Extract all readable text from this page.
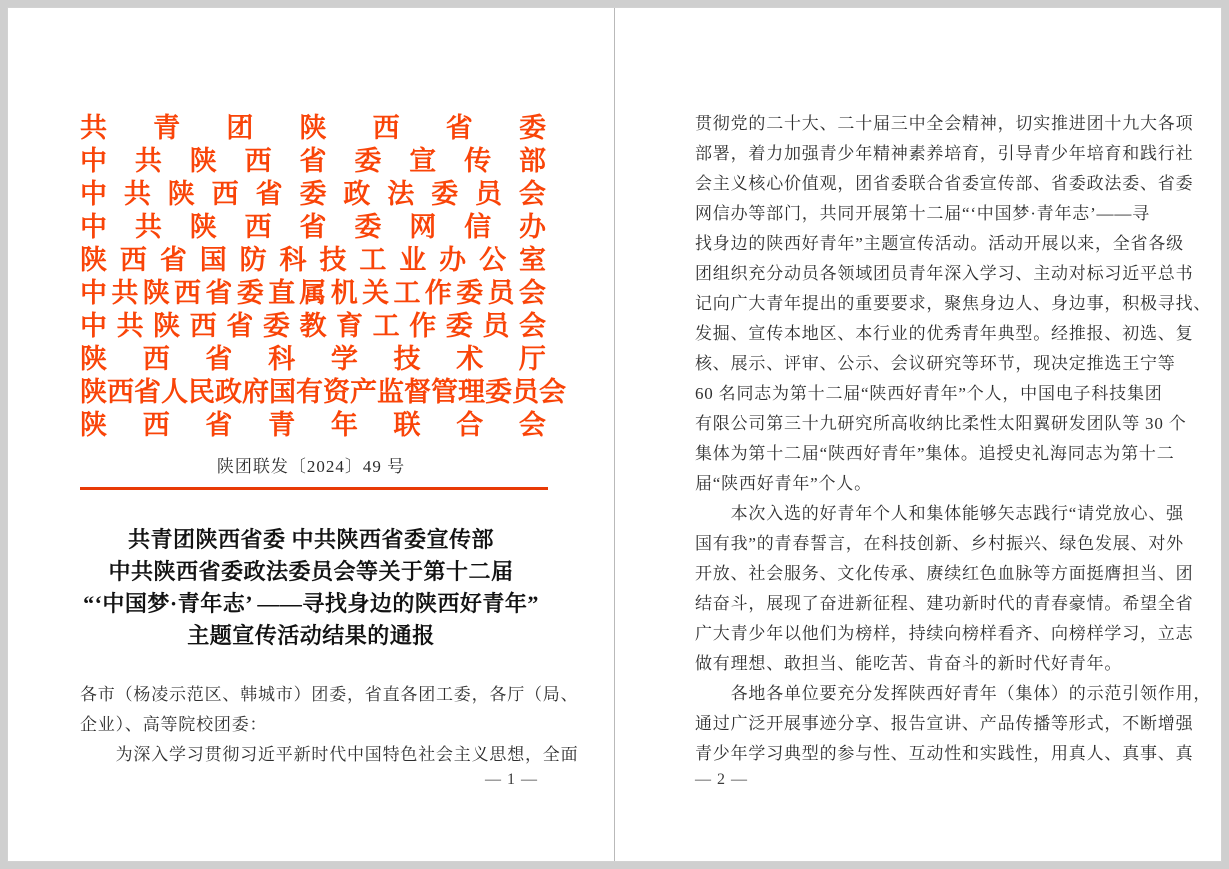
共 青 团 陕 西 省 委
中 共 陕 西 省 委 宣 传 部
中 共 陕 西 省 委 政 法 委 员 会
中 共 陕 西 省 委 网 信 办
陕 西 省 国 防 科 技 工 业 办 公 室
中 共 陕 西 省 委 直 属 机 关 工 作 委 员 会
中 共 陕 西 省 委 教 育 工 作 委 员 会
陕 西 省 科 学 技 术 厅
陕 西 省 人 民 政 府 国 有 资 产 监 督 管 理 委 员 会
陕 西 省 青 年 联 合 会
陕团联发〔2024〕49 号
共青团陕西省委 中共陕西省委宣传部
中共陕西省委政法委员会等关于第十二届
“‘中国梦·青年志’ ——寻找身边的陕西好青年”
主题宣传活动结果的通报
各市（杨凌示范区、韩城市）团委，省直各团工委，各厅（局、
企业）、高等院校团委：
　　为深入学习贯彻习近平新时代中国特色社会主义思想，全面
— 1 —
贯彻党的二十大、二十届三中全会精神，切实推进团十九大各项
部署，着力加强青少年精神素养培育，引导青少年培育和践行社
会主义核心价值观，团省委联合省委宣传部、省委政法委、省委
网信办等部门，共同开展第十二届“‘中国梦·青年志’——寻
找身边的陕西好青年”主题宣传活动。活动开展以来，全省各级
团组织充分动员各领域团员青年深入学习、主动对标习近平总书
记向广大青年提出的重要要求，聚焦身边人、身边事，积极寻找、
发掘、宣传本地区、本行业的优秀青年典型。经推报、初选、复
核、展示、评审、公示、会议研究等环节，现决定推选王宁等
60 名同志为第十二届“陕西好青年”个人，中国电子科技集团
有限公司第三十九研究所高收纳比柔性太阳翼研发团队等 30 个
集体为第十二届“陕西好青年”集体。追授史礼海同志为第十二
届“陕西好青年”个人。
　　本次入选的好青年个人和集体能够矢志践行“请党放心、强
国有我”的青春誓言，在科技创新、乡村振兴、绿色发展、对外
开放、社会服务、文化传承、赓续红色血脉等方面挺膺担当、团
结奋斗，展现了奋进新征程、建功新时代的青春豪情。希望全省
广大青少年以他们为榜样，持续向榜样看齐、向榜样学习，立志
做有理想、敢担当、能吃苦、肯奋斗的新时代好青年。
　　各地各单位要充分发挥陕西好青年（集体）的示范引领作用，
通过广泛开展事迹分享、报告宣讲、产品传播等形式，不断增强
青少年学习典型的参与性、互动性和实践性，用真人、真事、真
— 2 —
